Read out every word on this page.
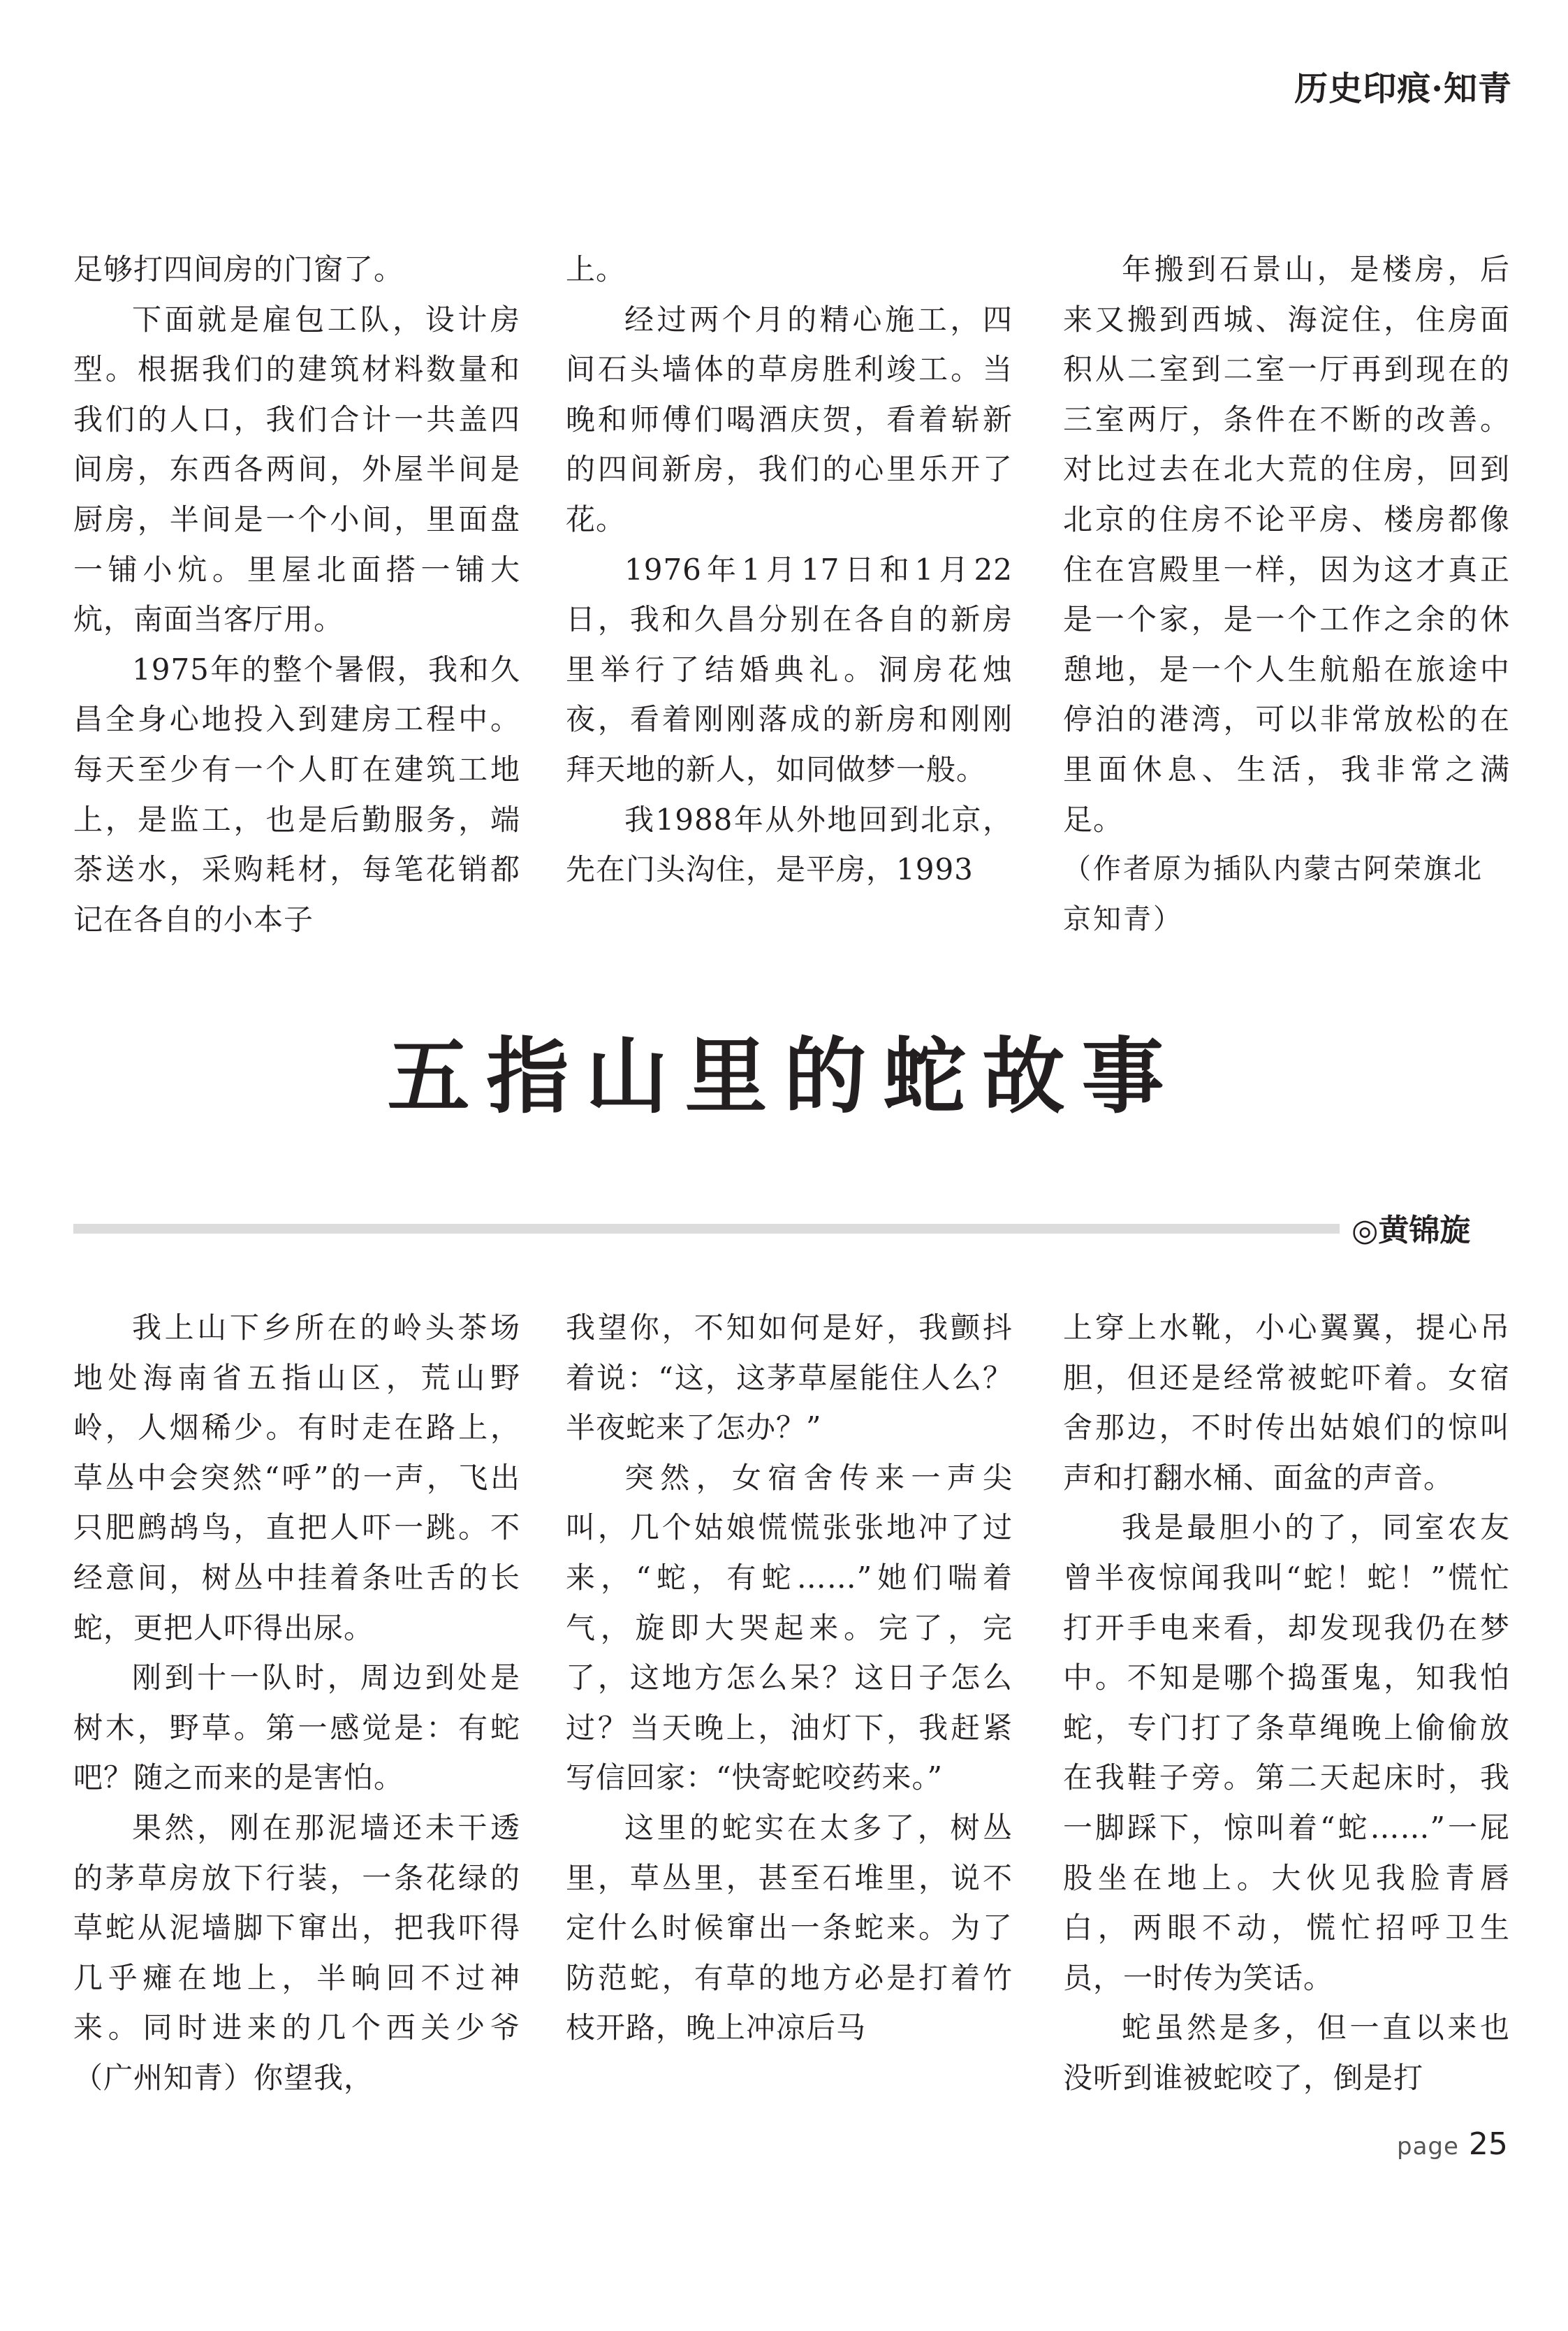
历史印痕·知青

足够打四间房的门窗了。

下面就是雇包工队，设计房型。根据我们的建筑材料数量和我们的人口，我们合计一共盖四间房，东西各两间，外屋半间是厨房，半间是一个小间，里面盘一铺小炕。里屋北面搭一铺大炕，南面当客厅用。

1975年的整个暑假，我和久昌全身心地投入到建房工程中。每天至少有一个人盯在建筑工地上，是监工，也是后勤服务，端茶送水，采购耗材，每笔花销都记在各自的小本子

上。

经过两个月的精心施工，四间石头墙体的草房胜利竣工。当晚和师傅们喝酒庆贺，看着崭新的四间新房，我们的心里乐开了花。

1976年1月17日和1月22日，我和久昌分别在各自的新房里举行了结婚典礼。洞房花烛夜，看着刚刚落成的新房和刚刚拜天地的新人，如同做梦一般。

我1988年从外地回到北京，先在门头沟住，是平房，1993

年搬到石景山，是楼房，后来又搬到西城、海淀住，住房面积从二室到二室一厅再到现在的三室两厅，条件在不断的改善。对比过去在北大荒的住房，回到北京的住房不论平房、楼房都像住在宫殿里一样，因为这才真正是一个家，是一个工作之余的休憩地，是一个人生航船在旅途中停泊的港湾，可以非常放松的在里面休息、生活，我非常之满足。

（作者原为插队内蒙古阿荣旗北京知青）

五指山里的蛇故事
◎黄锦旋

我上山下乡所在的岭头茶场地处海南省五指山区，荒山野岭，人烟稀少。有时走在路上，草丛中会突然“呼”的一声，飞出只肥鹧鸪鸟，直把人吓一跳。不经意间，树丛中挂着条吐舌的长蛇，更把人吓得出尿。

刚到十一队时，周边到处是树木，野草。第一感觉是：有蛇吧？随之而来的是害怕。

果然，刚在那泥墙还未干透的茅草房放下行装，一条花绿的草蛇从泥墙脚下窜出，把我吓得几乎瘫在地上，半晌回不过神来。同时进来的几个西关少爷（广州知青）你望我，

我望你，不知如何是好，我颤抖着说：“这，这茅草屋能住人么？半夜蛇来了怎办？”

突然，女宿舍传来一声尖叫，几个姑娘慌慌张张地冲了过来，“蛇，有蛇……”她们喘着气，旋即大哭起来。完了，完了，这地方怎么呆？这日子怎么过？当天晚上，油灯下，我赶紧写信回家：“快寄蛇咬药来。”

这里的蛇实在太多了，树丛里，草丛里，甚至石堆里，说不定什么时候窜出一条蛇来。为了防范蛇，有草的地方必是打着竹枝开路，晚上冲凉后马

上穿上水靴，小心翼翼，提心吊胆，但还是经常被蛇吓着。女宿舍那边，不时传出姑娘们的惊叫声和打翻水桶、面盆的声音。

我是最胆小的了，同室农友曾半夜惊闻我叫“蛇！蛇！”慌忙打开手电来看，却发现我仍在梦中。不知是哪个捣蛋鬼，知我怕蛇，专门打了条草绳晚上偷偷放在我鞋子旁。第二天起床时，我一脚踩下，惊叫着“蛇……”一屁股坐在地上。大伙见我脸青唇白，两眼不动，慌忙招呼卫生员，一时传为笑话。

蛇虽然是多，但一直以来也没听到谁被蛇咬了，倒是打

page 25
